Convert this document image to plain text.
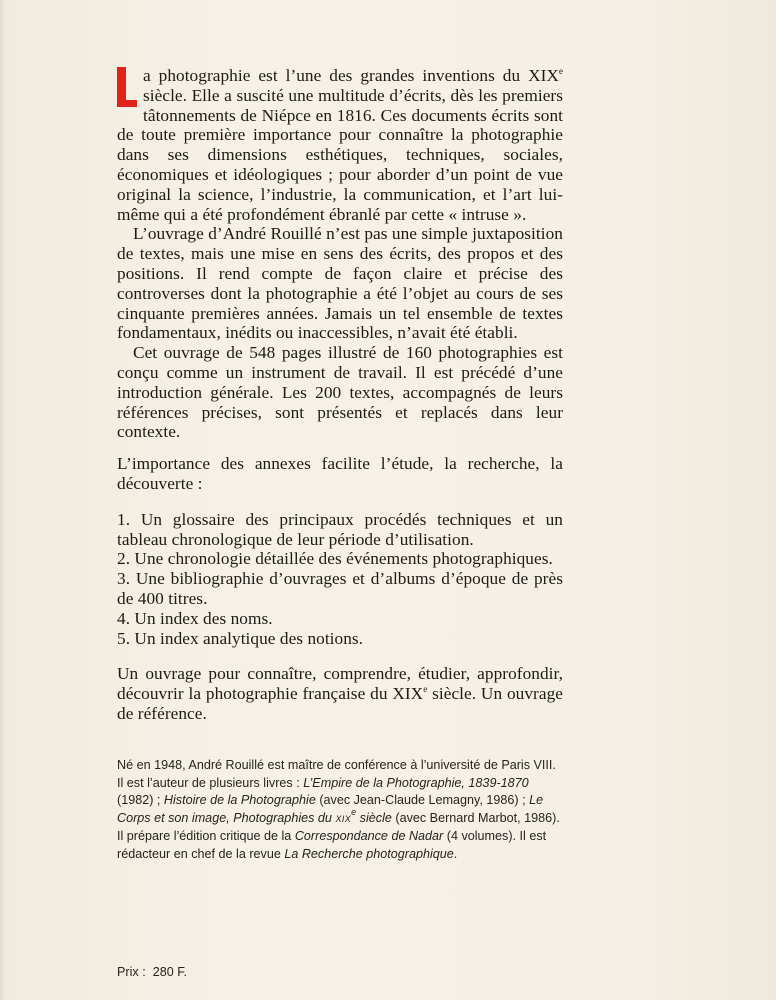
a photographie est l’une des grandes inventions du XIXe siècle. Elle a suscité une multitude d’écrits, dès les premiers tâtonnements de Niépce en 1816. Ces documents écrits sont de toute première importance pour connaître la photographie dans ses dimensions esthétiques, techniques, sociales, économiques et idéologiques ; pour aborder d’un point de vue original la science, l’industrie, la communication, et l’art lui-même qui a été profondément ébranlé par cette « intruse ».

L’ouvrage d’André Rouillé n’est pas une simple juxtaposition de textes, mais une mise en sens des écrits, des propos et des positions. Il rend compte de façon claire et précise des controverses dont la photographie a été l’objet au cours de ses cinquante premières années. Jamais un tel ensemble de textes fondamentaux, inédits ou inaccessibles, n’avait été établi.

Cet ouvrage de 548 pages illustré de 160 photographies est conçu comme un instrument de travail. Il est précédé d’une introduction générale. Les 200 textes, accompagnés de leurs références précises, sont présentés et replacés dans leur contexte.

L’importance des annexes facilite l’étude, la recherche, la découverte :

1. Un glossaire des principaux procédés techniques et un tableau chronologique de leur période d’utilisation.

2. Une chronologie détaillée des événements photographiques.

3. Une bibliographie d’ouvrages et d’albums d’époque de près de 400 titres.

4. Un index des noms.

5. Un index analytique des notions.

Un ouvrage pour connaître, comprendre, étudier, approfondir, découvrir la photographie française du XIXe siècle. Un ouvrage de référence.

Né en 1948, André Rouillé est maître de conférence à l’université de Paris VIII. Il est l’auteur de plusieurs livres : L’Empire de la Photographie, 1839-1870 (1982) ; Histoire de la Photographie (avec Jean-Claude Lemagny, 1986) ; Le Corps et son image, Photographies du XIXe siècle (avec Bernard Marbot, 1986). Il prépare l’édition critique de la Correspondance de Nadar (4 volumes). Il est rédacteur en chef de la revue La Recherche photographique.
Prix : 280 F.
